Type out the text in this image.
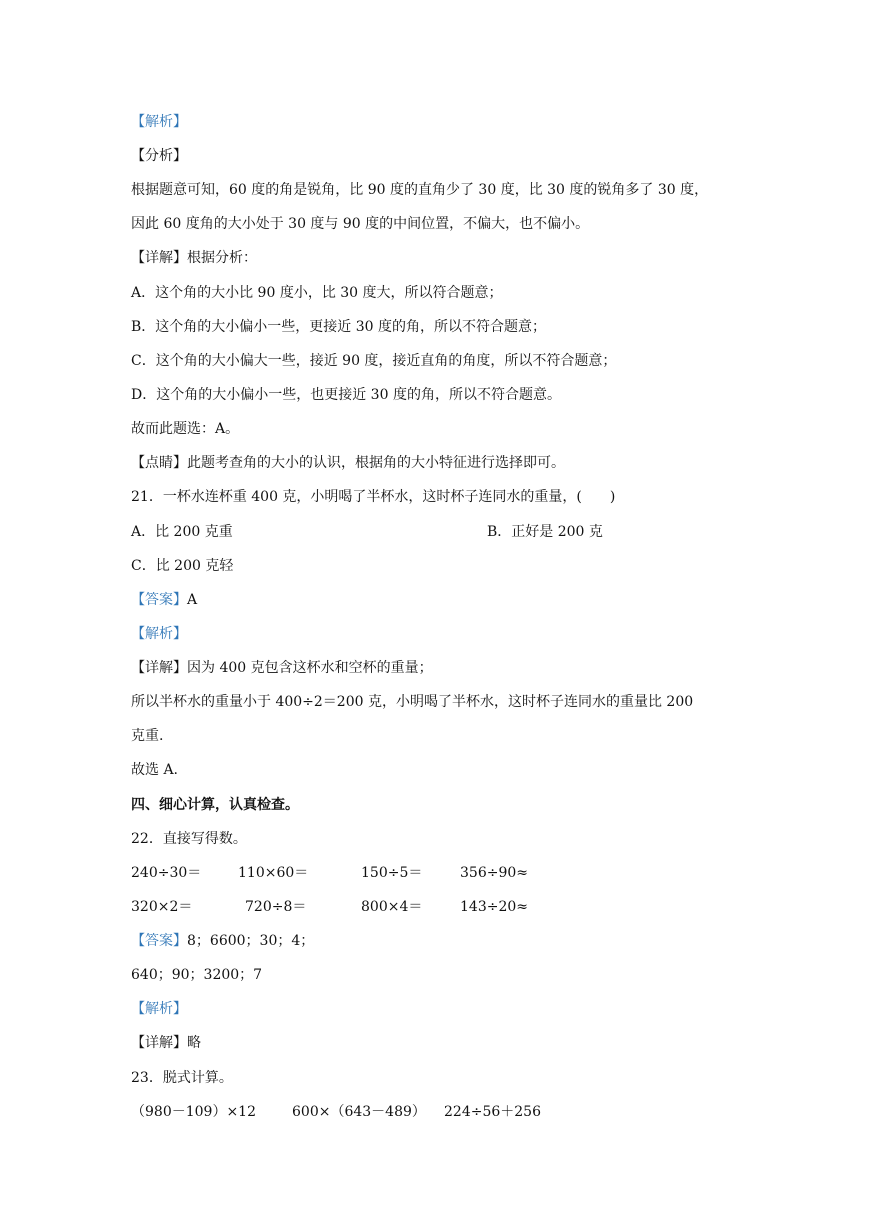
【解析】
【分析】
根据题意可知，60 度的角是锐角，比 90 度的直角少了 30 度，比 30 度的锐角多了 30 度，
因此 60 度角的大小处于 30 度与 90 度的中间位置，不偏大，也不偏小。
【详解】根据分析：
A．这个角的大小比 90 度小，比 30 度大，所以符合题意；
B．这个角的大小偏小一些，更接近 30 度的角，所以不符合题意；
C．这个角的大小偏大一些，接近 90 度，接近直角的角度，所以不符合题意；
D．这个角的大小偏小一些，也更接近 30 度的角，所以不符合题意。
故而此题选：A。
【点睛】此题考查角的大小的认识，根据角的大小特征进行选择即可。
21．一杯水连杯重 400 克，小明喝了半杯水，这时杯子连同水的重量，(　　)
A．比 200 克重	B．正好是 200 克
C．比 200 克轻
【答案】A
【解析】
【详解】因为 400 克包含这杯水和空杯的重量；
所以半杯水的重量小于 400÷2＝200 克，小明喝了半杯水，这时杯子连同水的重量比 200
克重.
故选 A.
四、细心计算，认真检查。
22．直接写得数。
240÷30＝	110×60＝	150÷5＝	356÷90≈
320×2＝	720÷8＝	800×4＝	143÷20≈
【答案】8；6600；30；4；
640；90；3200；7
【解析】
【详解】略
23．脱式计算。
（980－109）×12	600×（643－489） 224÷56＋256
